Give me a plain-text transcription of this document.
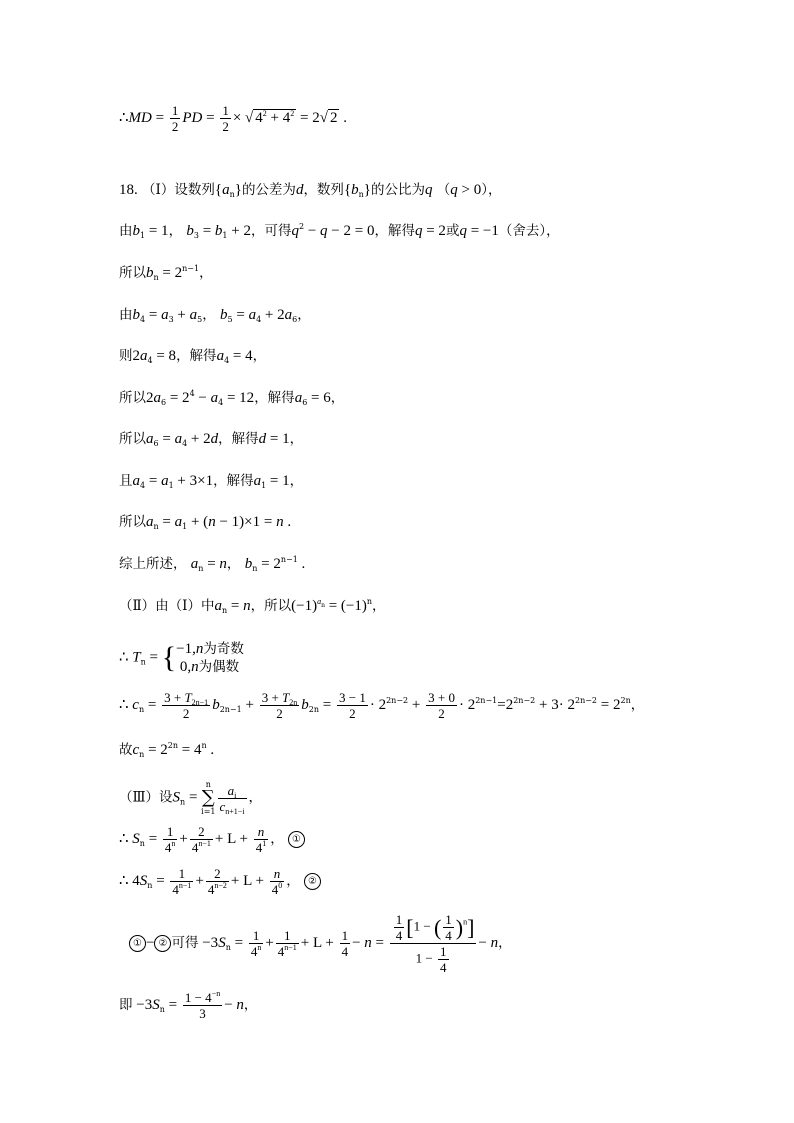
∴MD = $\frac{1}{2}$ PD = $\frac{1}{2}$ × √ $4^2 + 4^2 = 2√$ 2 .
18. （Ⅰ）设数列$\{a_n\}$的公差为d，数列$\{b_n\}$的公比为q （q > 0），
由$b_1 = 1$， $b_3 = b_1 + 2$，可得$q^2 - q - 2 = 0$，解得q = 2或q = −1（舍去），
所以$b_n = 2^{n-1}$，
由$b_4 = a_3 + a_5$， $b_5 = a_4 + 2a_6$，
则$2a_4 = 8$，解得$a_4 = 4$，
所以$2a_6 = 2^4 - a_4 = 12$，解得$a_6 = 6$，
所以$a_6 = a_4 + 2d$，解得d = 1，
且$a_4 = a_1 + 3\times 1$，解得$a_1 = 1$，
所以$a_n = a_1 + (n - 1)\times 1 = n$ .
综上所述， $a_n = n$， $b_n = 2^{n-1}$ .
（Ⅱ）由（Ⅰ）中$a_n = n$，所以$(-1)^{a_n} = (-1)^n$，
∴ $T_n$ = { −1,n为奇数
0,n为偶数
∴ $c_n = \frac{3 + T_{2n-1}}{2} b_{2n-1} + \frac{3 + T_{2n}}{2} b_{2n} = \frac{3 - 1}{2} \cdot 2^{2n-2} + \frac{3 + 0}{2} \cdot 2^{2n-1}=2^{2n-2} + 3\cdot 2^{2n-2} = 2^{2n}$，
故$c_n = 2^{2n} = 4^n$ .
（Ⅲ）设$S_n = n$
∑
$i=1 \frac{a_i}{c_{n+1-i}}$ ，
∴ $S_n = \frac{1}{4^n} + \frac{2}{4^{n-1}} + L + \frac{n}{4^1}$ ， ①
∴ $4S_n = \frac{1}{4^{n-1}} + \frac{2}{4^{n-2}} + L + \frac{n}{4^0}$ ， ②
① − ② 可得 $-3S_n = \frac{1}{4^n} + \frac{1}{4^{n-1}} + L + \frac{1}{4} - n = \frac{\frac{1}{4} [1 - ( \frac{1}{4} )^n]}{1 - \frac{1}{4}} - n$，
即 $-3S_n = \frac{1 - 4^{-n}}{3} - n$，
